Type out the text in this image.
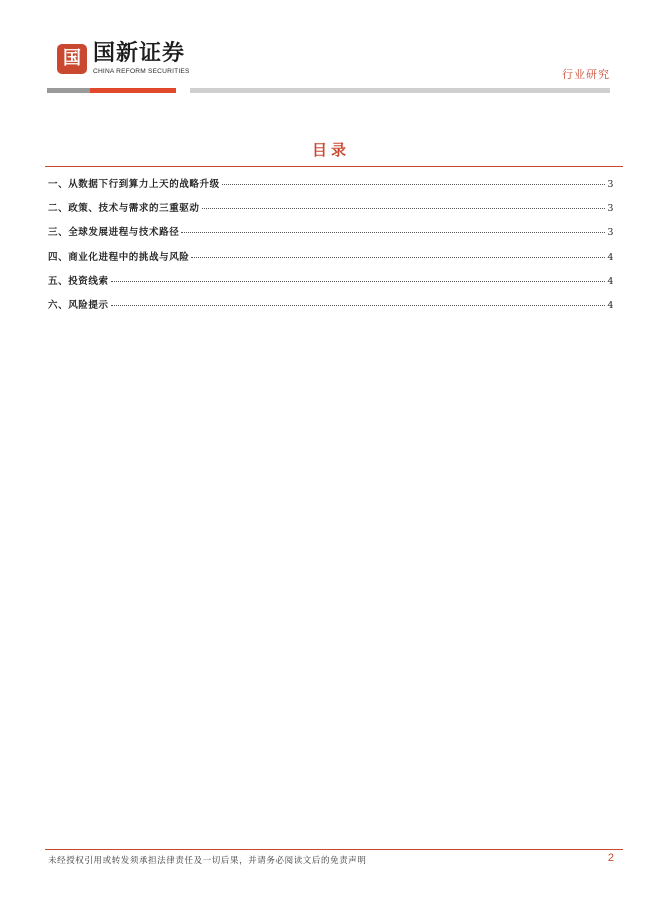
国 国新证券
CHINA REFORM SECURITIES	行业研究
目录
一、从数据下行到算力上天的战略升级	3
二、政策、技术与需求的三重驱动	3
三、全球发展进程与技术路径	3
四、商业化进程中的挑战与风险	4
五、投资线索	4
六、风险提示	4
未经授权引用或转发须承担法律责任及一切后果，并请务必阅读文后的免责声明	2
